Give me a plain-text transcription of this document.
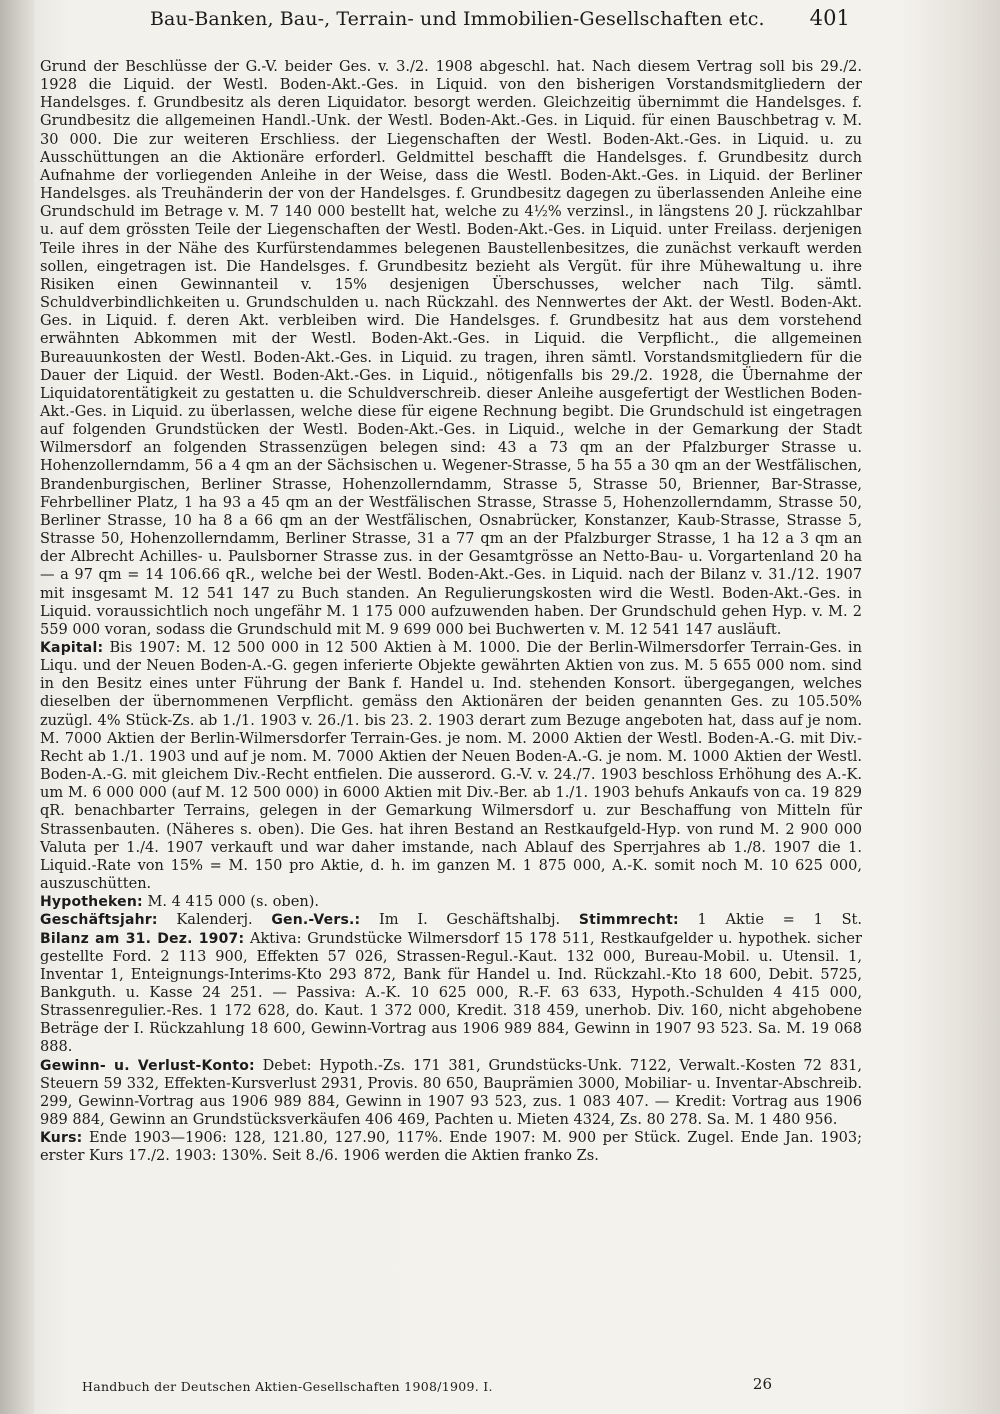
Bau-Banken, Bau-, Terrain- und Immobilien-Gesellschaften etc. 401

Grund der Beschlüsse der G.-V. beider Ges. v. 3./2. 1908 abgeschl. hat. Nach diesem Vertrag soll bis 29./2. 1928 die Liquid. der Westl. Boden-Akt.-Ges. in Liquid. von den bisherigen Vorstandsmitgliedern der Handelsges. f. Grundbesitz als deren Liquidator. besorgt werden. Gleichzeitig übernimmt die Handelsges. f. Grundbesitz die allgemeinen Handl.-Unk. der Westl. Boden-Akt.-Ges. in Liquid. für einen Bauschbetrag v. M. 30 000. Die zur weiteren Erschliess. der Liegenschaften der Westl. Boden-Akt.-Ges. in Liquid. u. zu Ausschüttungen an die Aktionäre erforderl. Geldmittel beschafft die Handelsges. f. Grundbesitz durch Aufnahme der vorliegenden Anleihe in der Weise, dass die Westl. Boden-Akt.-Ges. in Liquid. der Berliner Handelsges. als Treuhänderin der von der Handelsges. f. Grundbesitz dagegen zu überlassenden Anleihe eine Grundschuld im Betrage v. M. 7 140 000 bestellt hat, welche zu 4½% verzinsl., in längstens 20 J. rückzahlbar u. auf dem grössten Teile der Liegenschaften der Westl. Boden-Akt.-Ges. in Liquid. unter Freilass. derjenigen Teile ihres in der Nähe des Kurfürstendammes belegenen Baustellenbesitzes, die zunächst verkauft werden sollen, eingetragen ist. Die Handelsges. f. Grundbesitz bezieht als Vergüt. für ihre Mühewaltung u. ihre Risiken einen Gewinnanteil v. 15% desjenigen Überschusses, welcher nach Tilg. sämtl. Schuldverbindlichkeiten u. Grundschulden u. nach Rückzahl. des Nennwertes der Akt. der Westl. Boden-Akt. Ges. in Liquid. f. deren Akt. verbleiben wird. Die Handelsges. f. Grundbesitz hat aus dem vorstehend erwähnten Abkommen mit der Westl. Boden-Akt.-Ges. in Liquid. die Verpflicht., die allgemeinen Bureauunkosten der Westl. Boden-Akt.-Ges. in Liquid. zu tragen, ihren sämtl. Vorstandsmitgliedern für die Dauer der Liquid. der Westl. Boden-Akt.-Ges. in Liquid., nötigenfalls bis 29./2. 1928, die Übernahme der Liquidatorentätigkeit zu gestatten u. die Schuldverschreib. dieser Anleihe ausgefertigt der Westlichen Boden-Akt.-Ges. in Liquid. zu überlassen, welche diese für eigene Rechnung begibt. Die Grundschuld ist eingetragen auf folgenden Grundstücken der Westl. Boden-Akt.-Ges. in Liquid., welche in der Gemarkung der Stadt Wilmersdorf an folgenden Strassenzügen belegen sind: 43 a 73 qm an der Pfalzburger Strasse u. Hohenzollerndamm, 56 a 4 qm an der Sächsischen u. Wegener-Strasse, 5 ha 55 a 30 qm an der Westfälischen, Brandenburgischen, Berliner Strasse, Hohenzollerndamm, Strasse 5, Strasse 50, Brienner, Bar-Strasse, Fehrbelliner Platz, 1 ha 93 a 45 qm an der Westfälischen Strasse, Strasse 5, Hohenzollerndamm, Strasse 50, Berliner Strasse, 10 ha 8 a 66 qm an der Westfälischen, Osnabrücker, Konstanzer, Kaub-Strasse, Strasse 5, Strasse 50, Hohenzollerndamm, Berliner Strasse, 31 a 77 qm an der Pfalzburger Strasse, 1 ha 12 a 3 qm an der Albrecht Achilles- u. Paulsborner Strasse zus. in der Gesamtgrösse an Netto-Bau- u. Vorgartenland 20 ha — a 97 qm = 14 106.66 qR., welche bei der Westl. Boden-Akt.-Ges. in Liquid. nach der Bilanz v. 31./12. 1907 mit insgesamt M. 12 541 147 zu Buch standen. An Regulierungskosten wird die Westl. Boden-Akt.-Ges. in Liquid. voraussichtlich noch ungefähr M. 1 175 000 aufzuwenden haben. Der Grundschuld gehen Hyp. v. M. 2 559 000 voran, sodass die Grundschuld mit M. 9 699 000 bei Buchwerten v. M. 12 541 147 ausläuft.

Kapital: Bis 1907: M. 12 500 000 in 12 500 Aktien à M. 1000. Die der Berlin-Wilmersdorfer Terrain-Ges. in Liqu. und der Neuen Boden-A.-G. gegen inferierte Objekte gewährten Aktien von zus. M. 5 655 000 nom. sind in den Besitz eines unter Führung der Bank f. Handel u. Ind. stehenden Konsort. übergegangen, welches dieselben der übernommenen Verpflicht. gemäss den Aktionären der beiden genannten Ges. zu 105.50% zuzügl. 4% Stück-Zs. ab 1./1. 1903 v. 26./1. bis 23. 2. 1903 derart zum Bezuge angeboten hat, dass auf je nom. M. 7000 Aktien der Berlin-Wilmersdorfer Terrain-Ges. je nom. M. 2000 Aktien der Westl. Boden-A.-G. mit Div.-Recht ab 1./1. 1903 und auf je nom. M. 7000 Aktien der Neuen Boden-A.-G. je nom. M. 1000 Aktien der Westl. Boden-A.-G. mit gleichem Div.-Recht entfielen. Die ausserord. G.-V. v. 24./7. 1903 beschloss Erhöhung des A.-K. um M. 6 000 000 (auf M. 12 500 000) in 6000 Aktien mit Div.-Ber. ab 1./1. 1903 behufs Ankaufs von ca. 19 829 qR. benachbarter Terrains, gelegen in der Gemarkung Wilmersdorf u. zur Beschaffung von Mitteln für Strassenbauten. (Näheres s. oben). Die Ges. hat ihren Bestand an Restkaufgeld-Hyp. von rund M. 2 900 000 Valuta per 1./4. 1907 verkauft und war daher imstande, nach Ablauf des Sperrjahres ab 1./8. 1907 die 1. Liquid.-Rate von 15% = M. 150 pro Aktie, d. h. im ganzen M. 1 875 000, A.-K. somit noch M. 10 625 000, auszuschütten.

Hypotheken: M. 4 415 000 (s. oben).

Geschäftsjahr: Kalenderj. Gen.-Vers.: Im I. Geschäftshalbj. Stimmrecht: 1 Aktie = 1 St.

Bilanz am 31. Dez. 1907: Aktiva: Grundstücke Wilmersdorf 15 178 511, Restkaufgelder u. hypothek. sicher gestellte Ford. 2 113 900, Effekten 57 026, Strassen-Regul.-Kaut. 132 000, Bureau-Mobil. u. Utensil. 1, Inventar 1, Enteignungs-Interims-Kto 293 872, Bank für Handel u. Ind. Rückzahl.-Kto 18 600, Debit. 5725, Bankguth. u. Kasse 24 251. — Passiva: A.-K. 10 625 000, R.-F. 63 633, Hypoth.-Schulden 4 415 000, Strassenregulier.-Res. 1 172 628, do. Kaut. 1 372 000, Kredit. 318 459, unerhob. Div. 160, nicht abgehobene Beträge der I. Rückzahlung 18 600, Gewinn-Vortrag aus 1906 989 884, Gewinn in 1907 93 523. Sa. M. 19 068 888.

Gewinn- u. Verlust-Konto: Debet: Hypoth.-Zs. 171 381, Grundstücks-Unk. 7122, Verwalt.-Kosten 72 831, Steuern 59 332, Effekten-Kursverlust 2931, Provis. 80 650, Bauprämien 3000, Mobiliar- u. Inventar-Abschreib. 299, Gewinn-Vortrag aus 1906 989 884, Gewinn in 1907 93 523, zus. 1 083 407. — Kredit: Vortrag aus 1906 989 884, Gewinn an Grundstücksverkäufen 406 469, Pachten u. Mieten 4324, Zs. 80 278. Sa. M. 1 480 956.

Kurs: Ende 1903—1906: 128, 121.80, 127.90, 117%. Ende 1907: M. 900 per Stück. Zugel. Ende Jan. 1903; erster Kurs 17./2. 1903: 130%. Seit 8./6. 1906 werden die Aktien franko Zs.

Handbuch der Deutschen Aktien-Gesellschaften 1908/1909. I.	26
